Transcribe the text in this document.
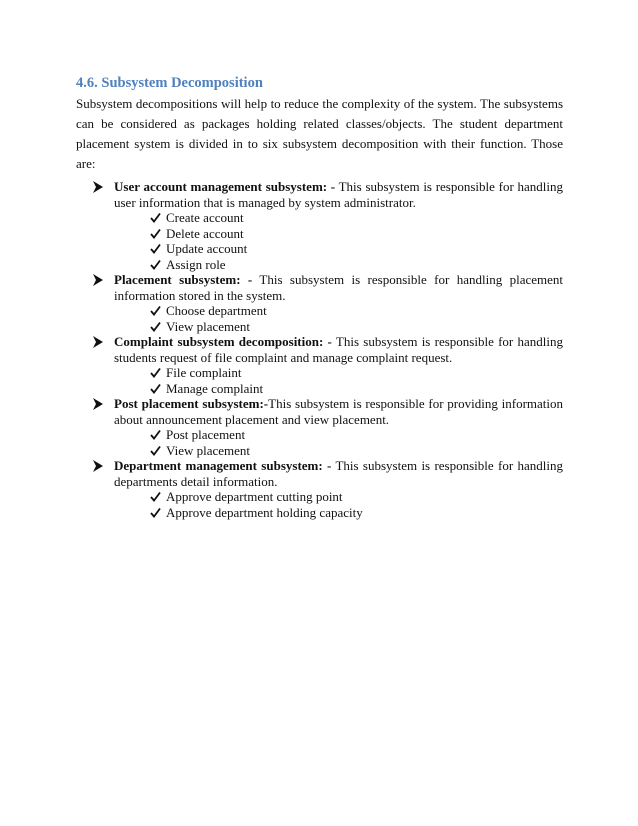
4.6. Subsystem Decomposition

Subsystem decompositions will help to reduce the complexity of the system. The subsystems can be considered as packages holding related classes/objects. The student department placement system is divided in to six subsystem decomposition with their function. Those are:

User account management subsystem: - This subsystem is responsible for handling user information that is managed by system administrator.

Create account
Delete account
Update account
Assign role

Placement subsystem: - This subsystem is responsible for handling placement information stored in the system.

Choose department
View placement

Complaint subsystem decomposition: - This subsystem is responsible for handling students request of file complaint and manage complaint request.

File complaint
Manage complaint

Post placement subsystem:-This subsystem is responsible for providing information about announcement placement and view placement.

Post placement
View placement

Department management subsystem: - This subsystem is responsible for handling departments detail information.

Approve department cutting point
Approve department holding capacity
